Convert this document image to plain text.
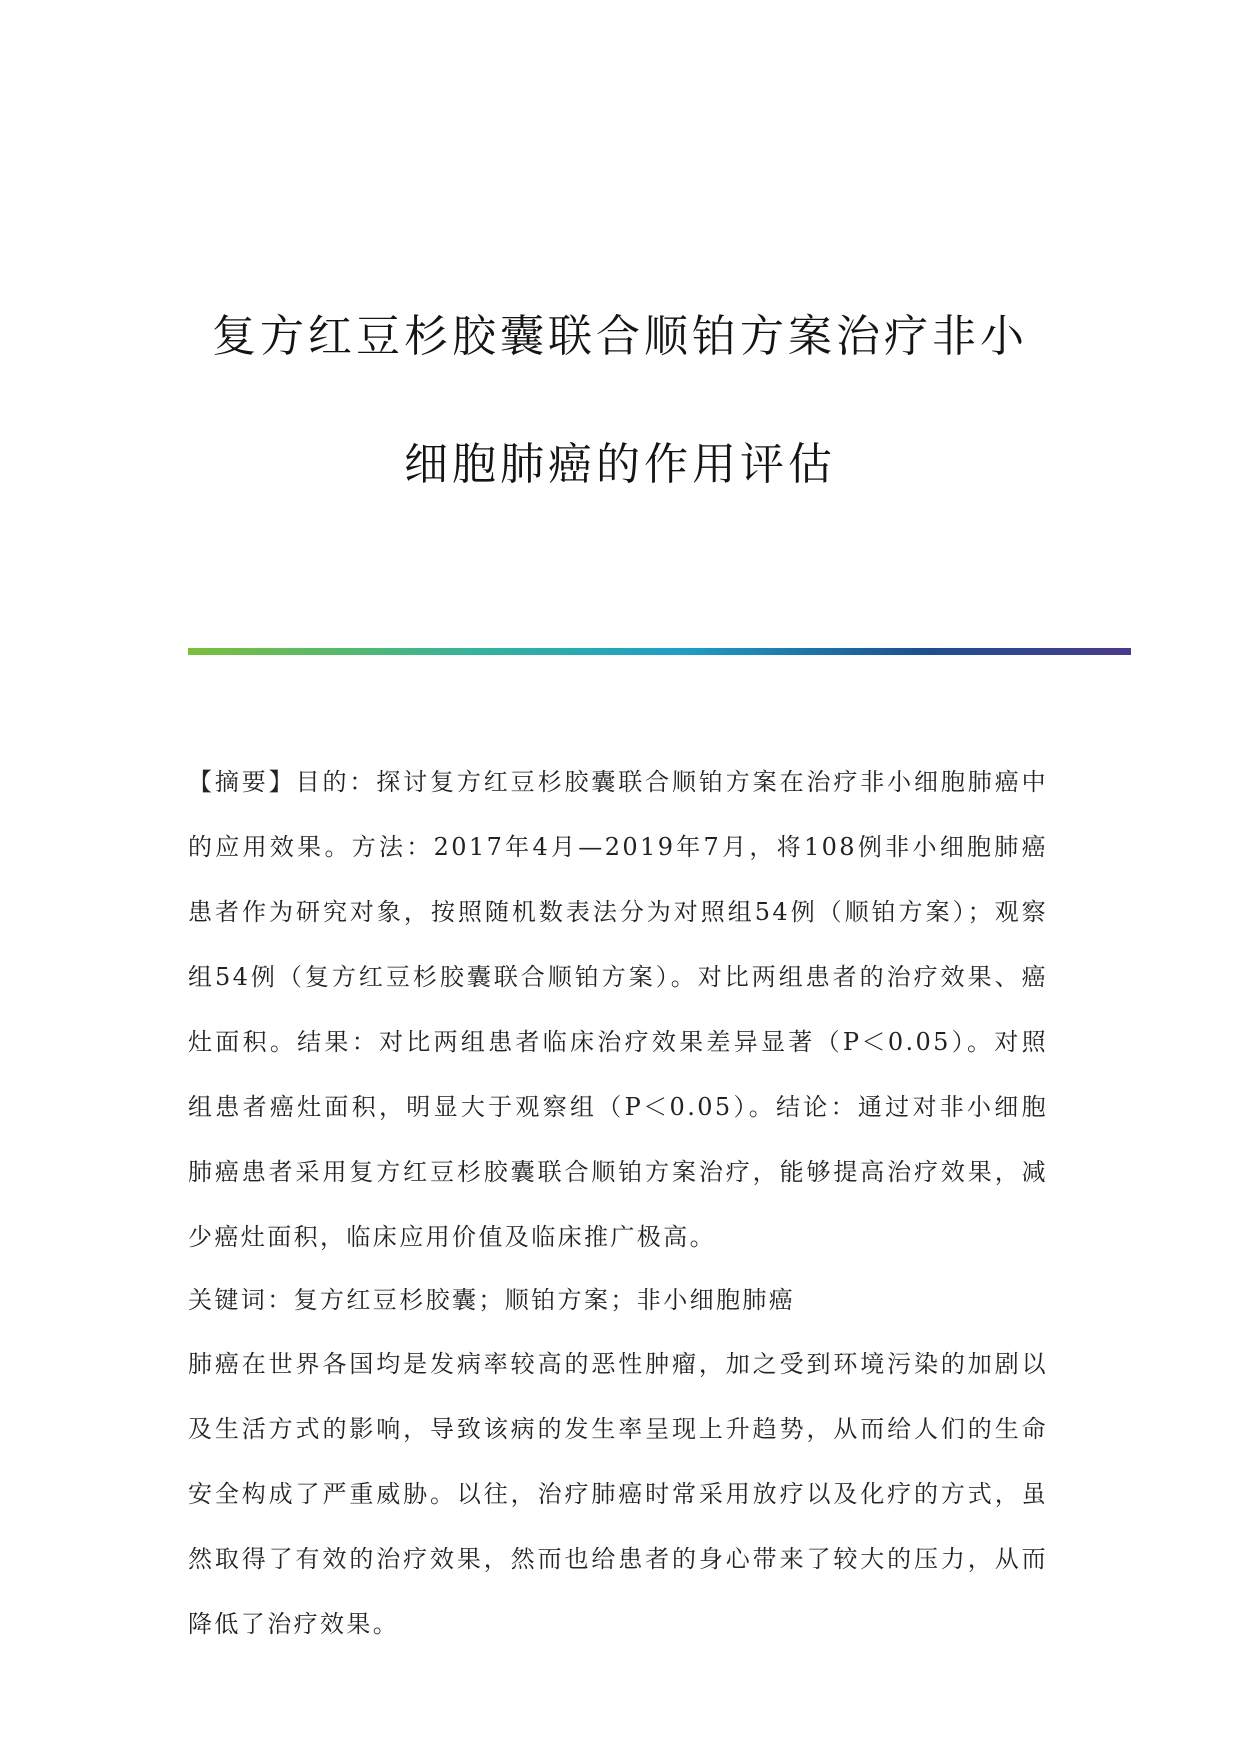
复方红豆杉胶囊联合顺铂方案治疗非小
细胞肺癌的作用评估

【摘要】目的：探讨复方红豆杉胶囊联合顺铂方案在治疗非小细胞肺癌中的应用效果。方法：2017年4月—2019年7月，将108例非小细胞肺癌患者作为研究对象，按照随机数表法分为对照组54例（顺铂方案）；观察组54例（复方红豆杉胶囊联合顺铂方案）。对比两组患者的治疗效果、癌灶面积。结果：对比两组患者临床治疗效果差异显著（P＜0.05）。对照组患者癌灶面积，明显大于观察组（P＜0.05）。结论：通过对非小细胞肺癌患者采用复方红豆杉胶囊联合顺铂方案治疗，能够提高治疗效果，减少癌灶面积，临床应用价值及临床推广极高。

关键词：复方红豆杉胶囊；顺铂方案；非小细胞肺癌

肺癌在世界各国均是发病率较高的恶性肿瘤，加之受到环境污染的加剧以及生活方式的影响，导致该病的发生率呈现上升趋势，从而给人们的生命安全构成了严重威胁。以往，治疗肺癌时常采用放疗以及化疗的方式，虽然取得了有效的治疗效果，然而也给患者的身心带来了较大的压力，从而降低了治疗效果。
